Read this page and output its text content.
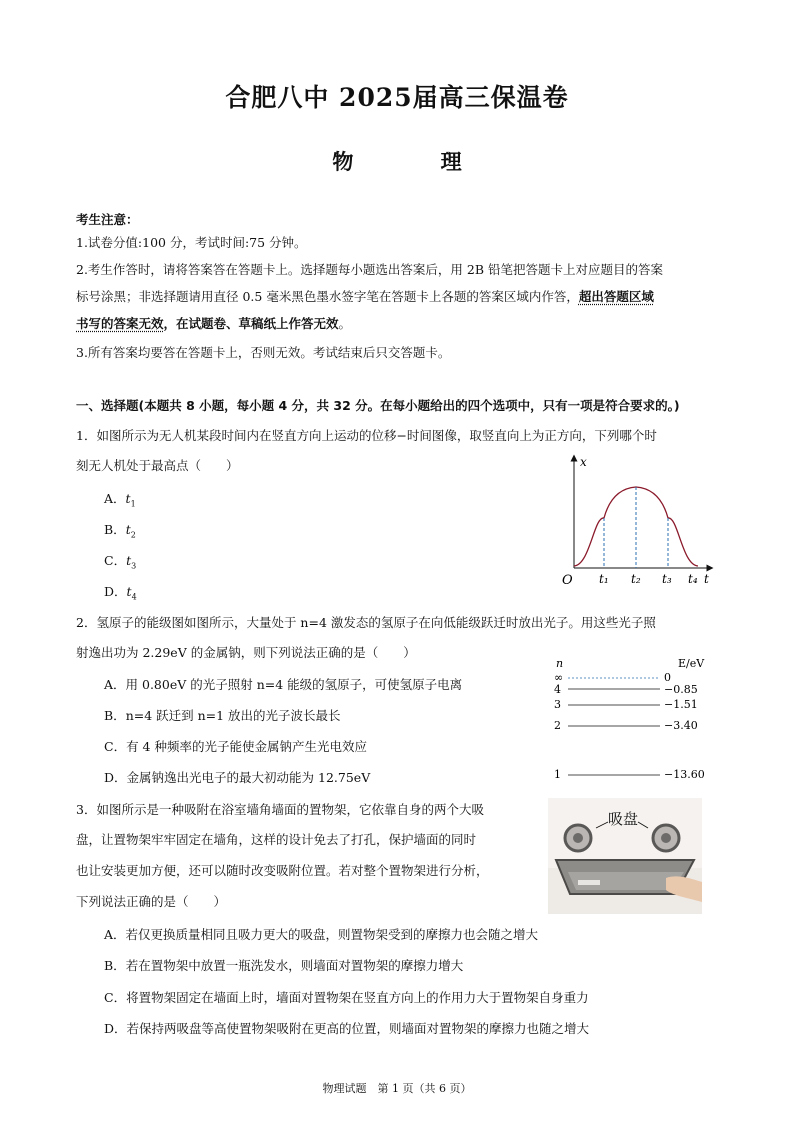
合肥八中 2025届高三保温卷
物 理
考生注意：
1.试卷分值:100 分，考试时间:75 分钟。
2.考生作答时，请将答案答在答题卡上。选择题每小题选出答案后，用 2B 铅笔把答题卡上对应题目的答案
标号涂黑；非选择题请用直径 0.5 毫米黑色墨水签字笔在答题卡上各题的答案区域内作答，超出答题区域
书写的答案无效，在试题卷、草稿纸上作答无效。
3.所有答案均要答在答题卡上，否则无效。考试结束后只交答题卡。
一、选择题(本题共 8 小题，每小题 4 分，共 32 分。在每小题给出的四个选项中，只有一项是符合要求的。)
1．如图所示为无人机某段时间内在竖直方向上运动的位移−时间图像，取竖直向上为正方向，下列哪个时
刻无人机处于最高点（　　）
A．$t_1$
B．$t_2$
C．$t_3$
D．$t_4$
x
t
O t₁ t₂ t₃ t₄
2．氢原子的能级图如图所示，大量处于 n=4 激发态的氢原子在向低能级跃迁时放出光子。用这些光子照
射逸出功为 2.29eV 的金属钠，则下列说法正确的是（　　）
A．用 0.80eV 的光子照射 n=4 能级的氢原子，可使氢原子电离
B．n=4 跃迁到 n=1 放出的光子波长最长
C．有 4 种频率的光子能使金属钠产生光电效应
D．金属钠逸出光电子的最大初动能为 12.75eV
n	E/eV
∞	0
4	−0.85
3	−1.51
2	−3.40
1	−13.60
3．如图所示是一种吸附在浴室墙角墙面的置物架，它依靠自身的两个大吸
盘，让置物架牢牢固定在墙角，这样的设计免去了打孔，保护墙面的同时
也让安装更加方便，还可以随时改变吸附位置。若对整个置物架进行分析，
下列说法正确的是（　　）
吸盘
A．若仅更换质量相同且吸力更大的吸盘，则置物架受到的摩擦力也会随之增大
B．若在置物架中放置一瓶洗发水，则墙面对置物架的摩擦力增大
C．将置物架固定在墙面上时，墙面对置物架在竖直方向上的作用力大于置物架自身重力
D．若保持两吸盘等高使置物架吸附在更高的位置，则墙面对置物架的摩擦力也随之增大
物理试题　第 1 页（共 6 页）
